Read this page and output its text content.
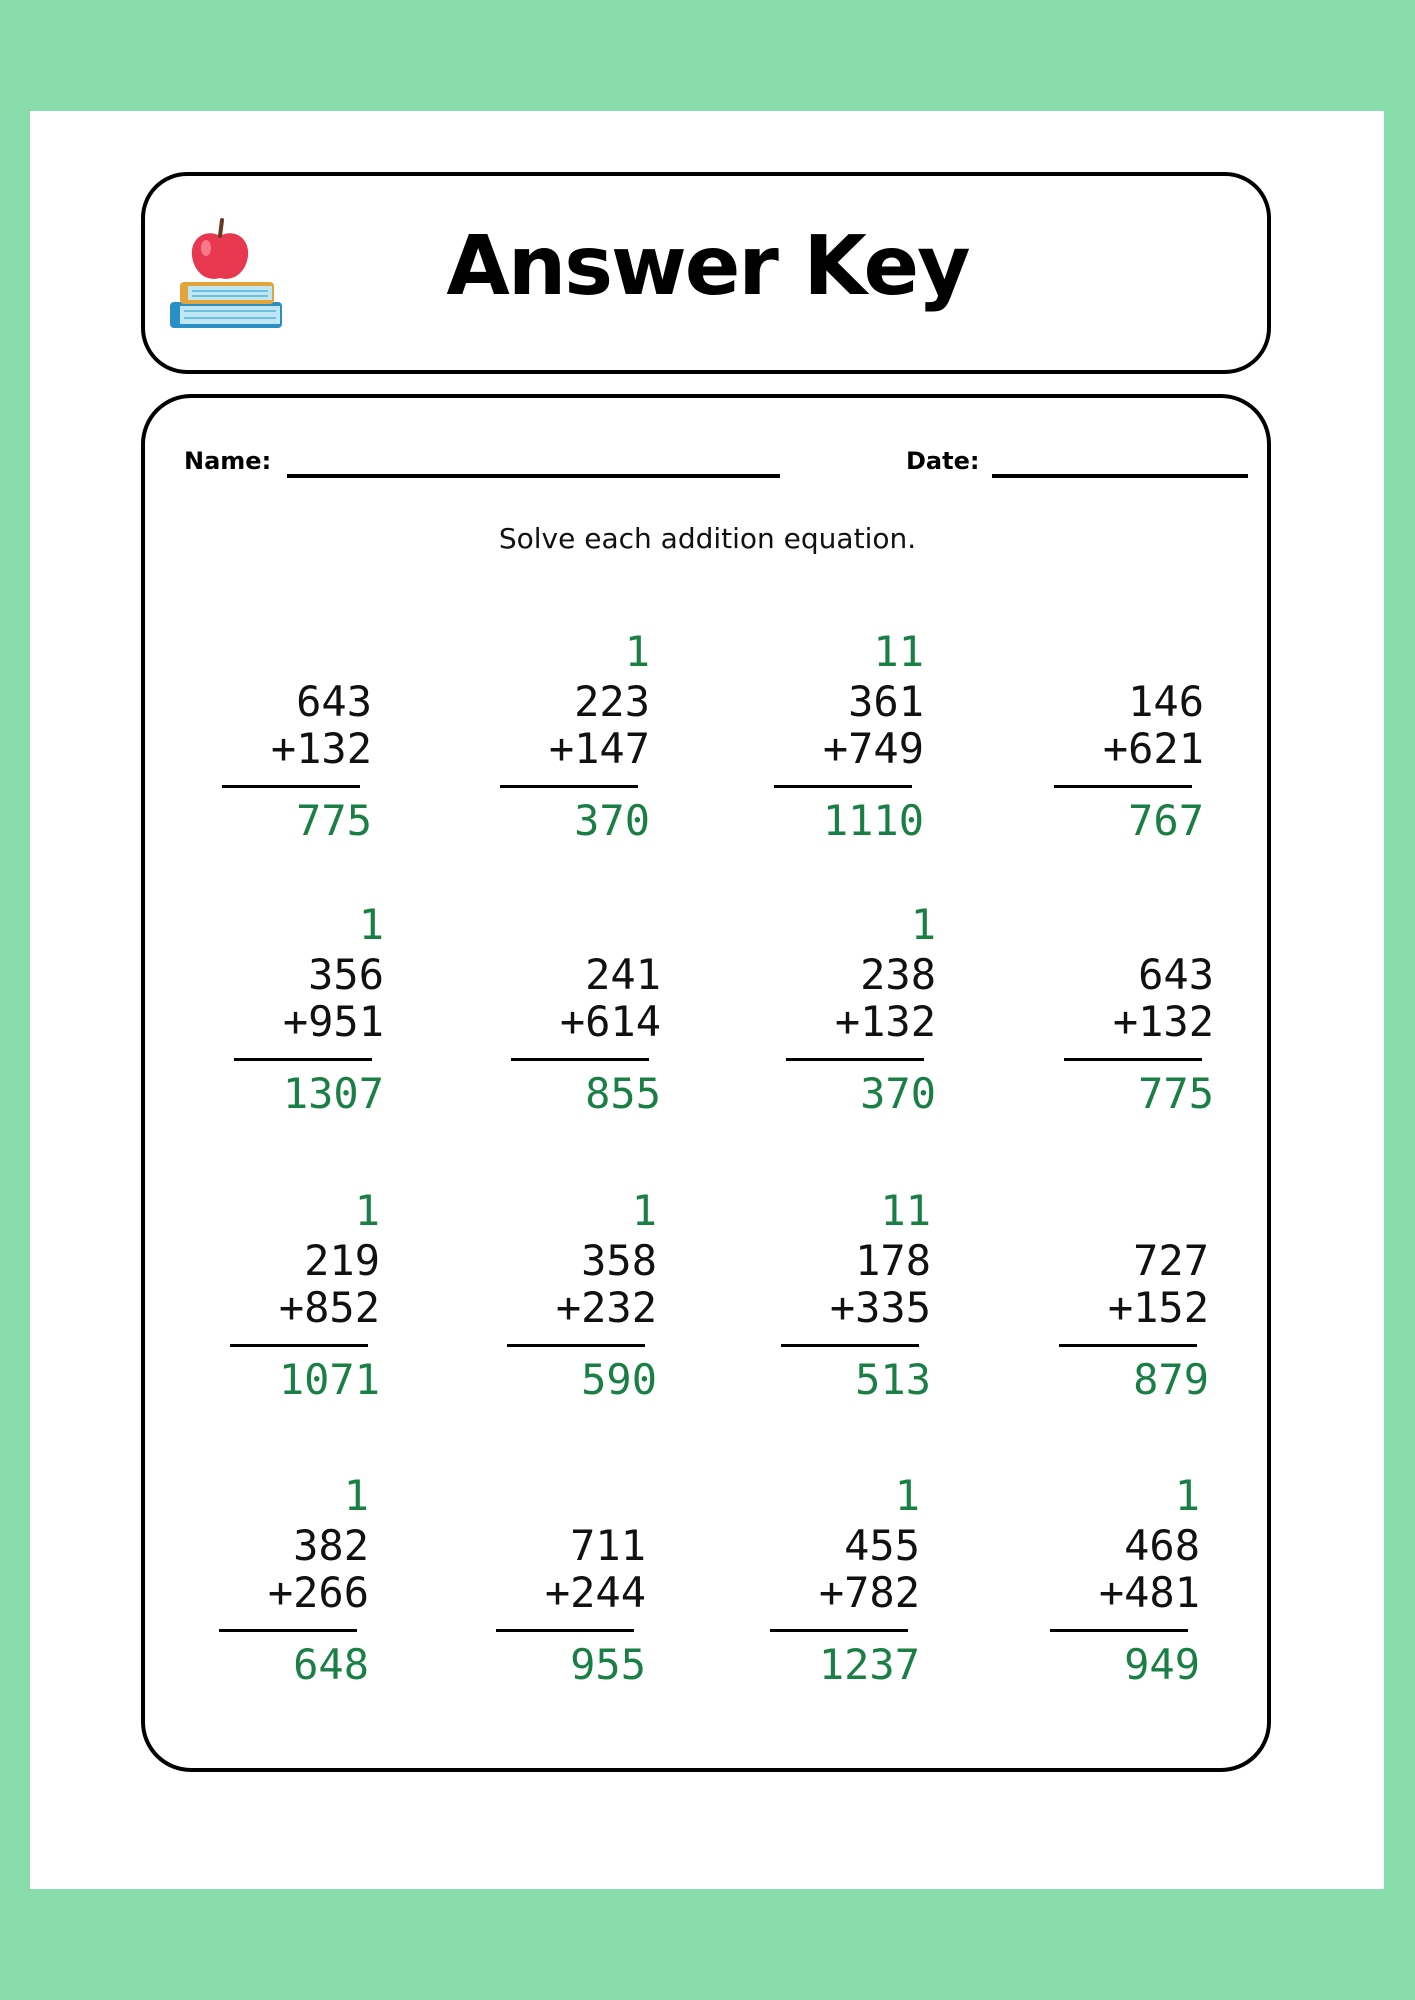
Answer Key
Name:	Date:
Solve each addition equation.
643
+132
775
1
223
+147
370
11
361
+749
1110
146
+621
767
1
356
+951
1307
241
+614
855
1
238
+132
370
643
+132
775
1
219
+852
1071
1
358
+232
590
11
178
+335
513
727
+152
879
1
382
+266
648
711
+244
955
1
455
+782
1237
1
468
+481
949
